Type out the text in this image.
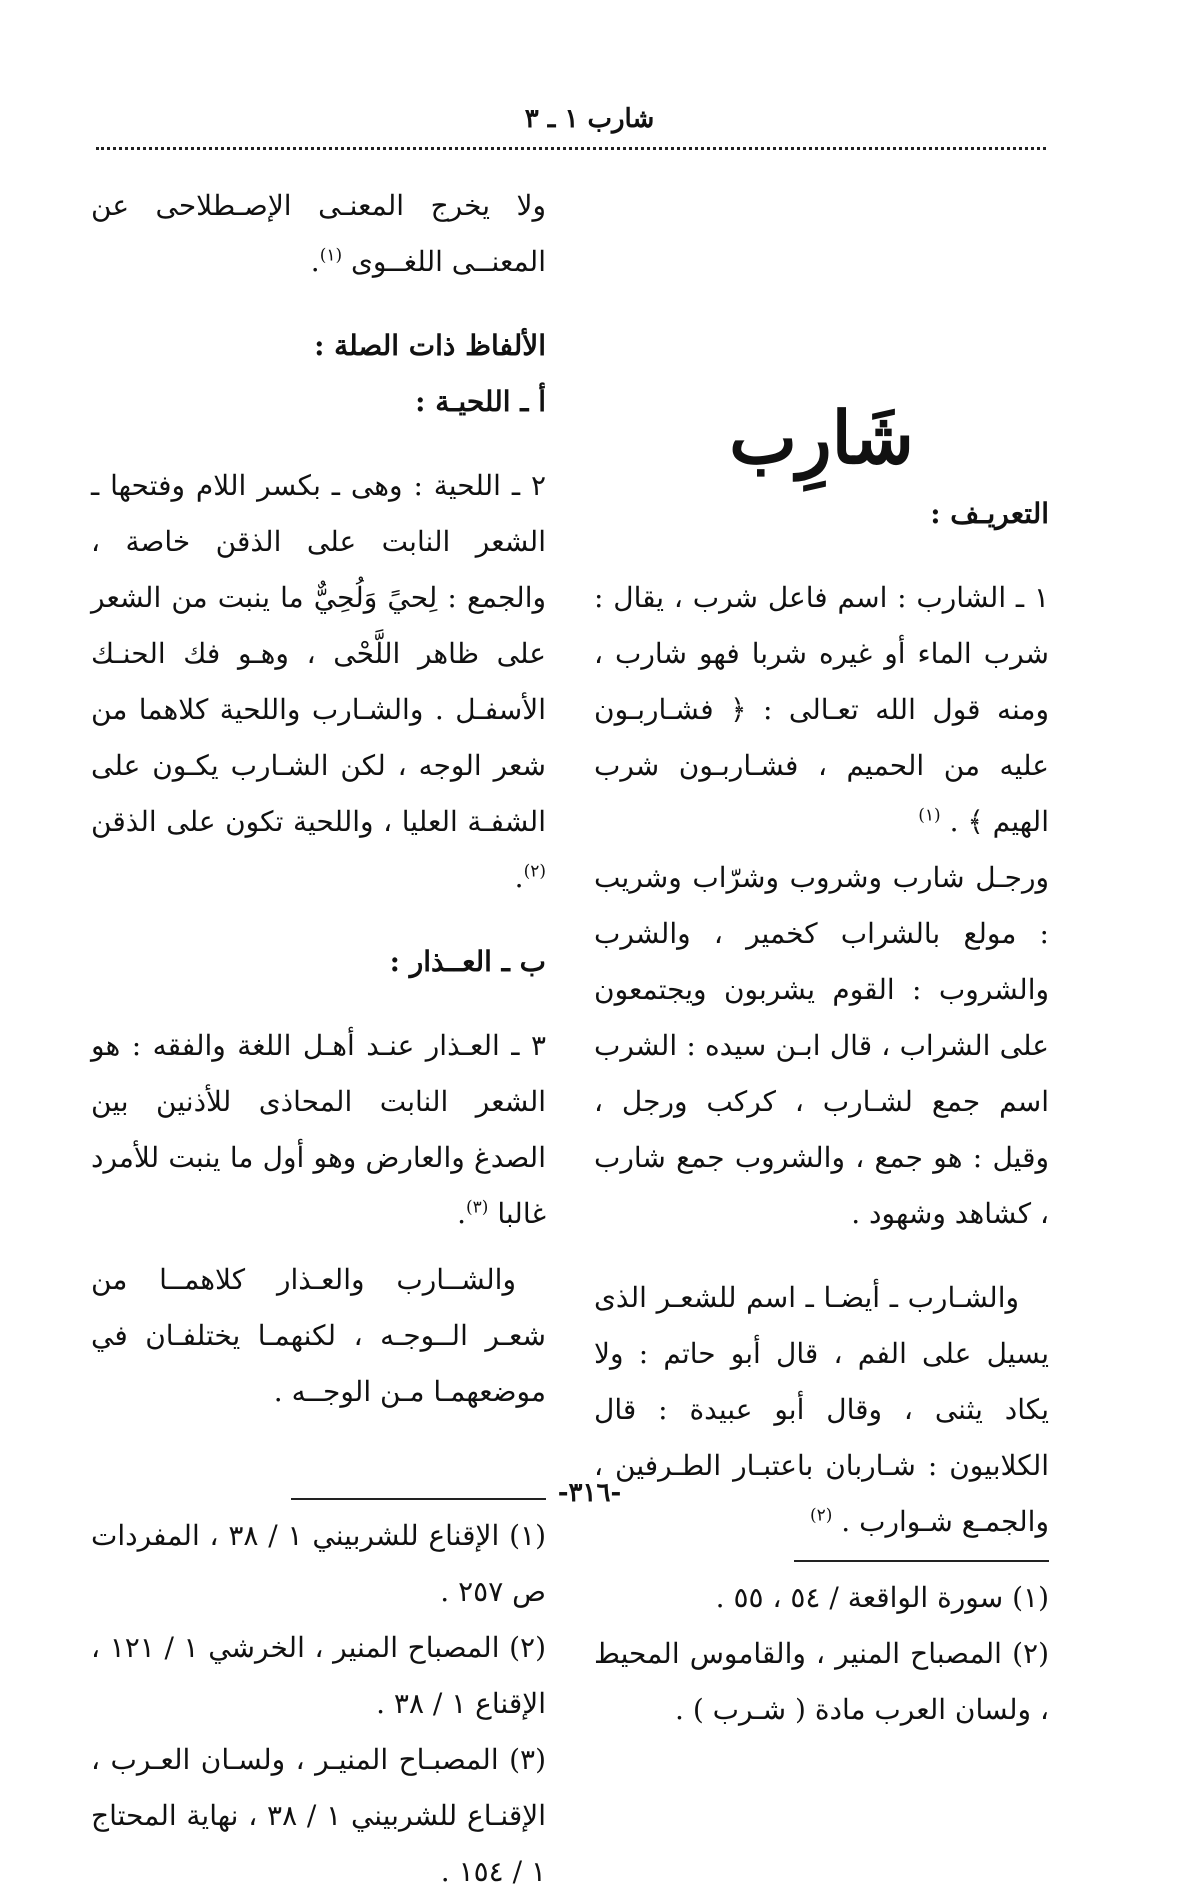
شارب ١ ـ ٣

التعريـف :

١ ـ الشارب : اسم فاعل شرب ، يقال : شرب الماء أو غيره شربا فهو شارب ، ومنه قول الله تعـالى : ﴿ فشـاربـون عليه من الحميم ، فشـاربـون شرب الهيم ﴾ . $^{(١)}$

ورجـل شارب وشروب وشرّاب وشريب : مولع بالشراب كخمير ، والشرب والشروب : القوم يشربون ويجتمعون على الشراب ، قال ابـن سيده : الشرب اسم جمع لشـارب ، كركب ورجل ، وقيل : هو جمع ، والشروب جمع شارب ، كشاهد وشهود .

والشـارب ـ أيضـا ـ اسم للشعـر الذى يسيل على الفم ، قال أبو حاتم : ولا يكاد يثنى ، وقال أبو عبيدة : قال الكلابيون : شـاربان باعتبـار الطـرفين ، والجمـع شـوارب . $^{(٢)}$

(١) سورة الواقعة / ٥٤ ، ٥٥ .

(٢) المصباح المنير ، والقاموس المحيط ، ولسان العرب مادة ( شـرب ) .

شَارِب

ولا يخرج المعنـى الإصـطلاحى عن المعنــى اللغــوى $^{(١)}$.

الألفاظ ذات الصلة :

أ ـ اللحيـة :

٢ ـ اللحية : وهى ـ بكسر اللام وفتحها ـ الشعر النابت على الذقن خاصة ، والجمع : لِحيً وَلُحِيٌّ ما ينبت من الشعر على ظاهر اللَّحْى ، وهـو فك الحنـك الأسفـل . والشـارب واللحية كلاهما من شعر الوجه ، لكن الشـارب يكـون على الشفـة العليا ، واللحية تكون على الذقن $^{(٢)}$.

ب ـ العــذار :

٣ ـ العـذار عنـد أهـل اللغة والفقه : هو الشعر النابت المحاذى للأذنين بين الصدغ والعارض وهو أول ما ينبت للأمرد غالبا $^{(٣)}$.

والشــارب والعـذار كلاهمــا من شعـر الــوجـه ، لكنهمـا يختلفـان في موضعهمـا مـن الوجــه .

(١) الإقناع للشربيني ١ / ٣٨ ، المفردات ص ٢٥٧ .

(٢) المصباح المنير ، الخرشي ١ / ١٢١ ، الإقناع ١ / ٣٨ .

(٣) المصبـاح المنيـر ، ولسـان العـرب ، الإقنـاع للشربيني ١ / ٣٨ ، نهاية المحتاج ١ / ١٥٤ .

-٣١٦-
